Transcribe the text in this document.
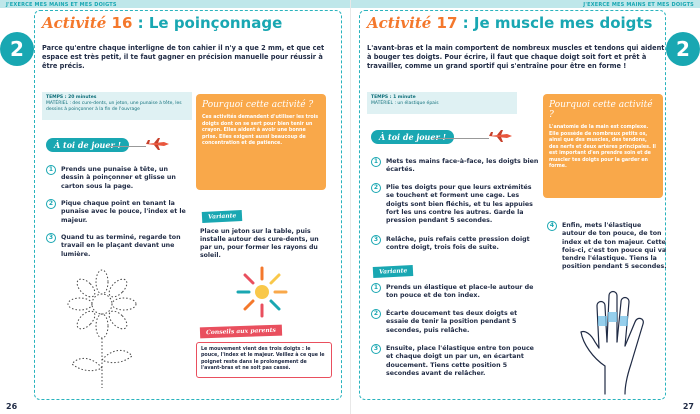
J'EXERCE MES MAINS ET MES DOIGTS
2
Activité 16 : Le poinçonnage
Parce qu'entre chaque interligne de ton cahier il n'y a que 2 mm, et que cet espace est très petit, il te faut gagner en précision manuelle pour réussir à être précis.
TEMPS : 20 minutes
MATÉRIEL : des cure-dents, un jeton, une punaise à tête, les dessins à poinçonner à la fin de l'ouvrage
À toi de jouer !
1	Prends une punaise à tête, un dessin à poinçonner et glisse un carton sous la page.
2	Pique chaque point en tenant la punaise avec le pouce, l'index et le majeur.
3	Quand tu as terminé, regarde ton travail en le plaçant devant une lumière.
Pourquoi cette activité ?
Ces activités demandent d'utiliser les trois doigts dont on se sert pour bien tenir un crayon. Elles aident à avoir une bonne prise. Elles exigent aussi beaucoup de concentration et de patience.
Variante
Place un jeton sur la table, puis installe autour des cure-dents, un par un, pour former les rayons du soleil.
Conseils aux parents
Le mouvement vient des trois doigts : le pouce, l'index et le majeur. Veillez à ce que le poignet reste dans le prolongement de l'avant-bras et ne soit pas cassé.
26
J'EXERCE MES MAINS ET MES DOIGTS
2
Activité 17 : Je muscle mes doigts
L'avant-bras et la main comportent de nombreux muscles et tendons qui aident à bouger tes doigts. Pour écrire, il faut que chaque doigt soit fort et prêt à travailler, comme un grand sportif qui s'entraîne pour être en forme !
TEMPS : 1 minute
MATÉRIEL : un élastique épais
À toi de jouer !
1	Mets tes mains face-à-face, les doigts bien écartés.
2	Plie tes doigts pour que leurs extrémités se touchent et forment une cage. Les doigts sont bien fléchis, et tu les appuies fort les uns contre les autres. Garde la pression pendant 5 secondes.
3	Relâche, puis refais cette pression doigt contre doigt, trois fois de suite.
Variante
1	Prends un élastique et place-le autour de ton pouce et de ton index.
2	Écarte doucement tes deux doigts et essaie de tenir la position pendant 5 secondes, puis relâche.
3	Ensuite, place l'élastique entre ton pouce et chaque doigt un par un, en écartant doucement. Tiens cette position 5 secondes avant de relâcher.
Pourquoi cette activité ?
L'anatomie de la main est complexe. Elle possède de nombreux petits os, ainsi que des muscles, des tendons, des nerfs et deux artères principales. Il est important d'en prendre soin et de muscler tes doigts pour la garder en forme.
4	Enfin, mets l'élastique autour de ton pouce, de ton index et de ton majeur. Cette fois-ci, c'est ton pouce qui va tendre l'élastique. Tiens la position pendant 5 secondes.
27
